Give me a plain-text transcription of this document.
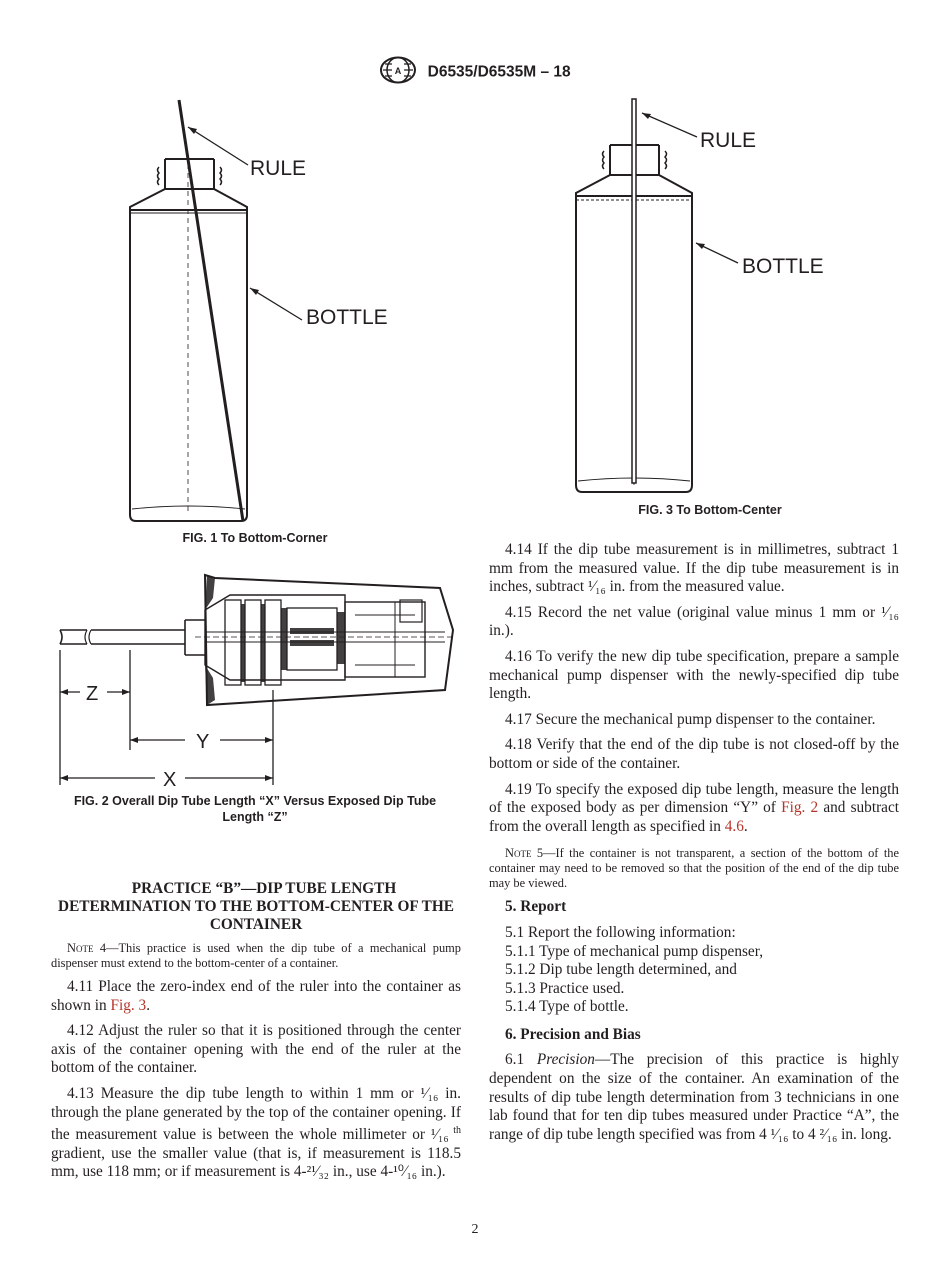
A D6535/D6535M – 18
RULE
BOTTLE
FIG. 1 To Bottom-Corner
RULE
BOTTLE
FIG. 3 To Bottom-Center
Z
Y
X
FIG. 2 Overall Dip Tube Length “X” Versus Exposed Dip Tube Length “Z”

PRACTICE “B”—DIP TUBE LENGTH DETERMINATION TO THE BOTTOM-CENTER OF THE CONTAINER

Note 4—This practice is used when the dip tube of a mechanical pump dispenser must extend to the bottom-center of a container.

4.11 Place the zero-index end of the ruler into the container as shown in Fig. 3.

4.12 Adjust the ruler so that it is positioned through the center axis of the container opening with the end of the ruler at the bottom of the container.

4.13 Measure the dip tube length to within 1 mm or ¹⁄₁₆ in. through the plane generated by the top of the container opening. If the measurement value is between the whole millimeter or ¹⁄₁₆ $^{th}$ gradient, use the smaller value (that is, if measurement is 118.5 mm, use 118 mm; or if measurement is 4-²¹⁄₃₂ in., use 4-¹⁰⁄₁₆ in.).

4.14 If the dip tube measurement is in millimetres, subtract 1 mm from the measured value. If the dip tube measurement is in inches, subtract ¹⁄₁₆ in. from the measured value.

4.15 Record the net value (original value minus 1 mm or ¹⁄₁₆ in.).

4.16 To verify the new dip tube specification, prepare a sample mechanical pump dispenser with the newly-specified dip tube length.

4.17 Secure the mechanical pump dispenser to the container.

4.18 Verify that the end of the dip tube is not closed-off by the bottom or side of the container.

4.19 To specify the exposed dip tube length, measure the length of the exposed body as per dimension “Y” of Fig. 2 and subtract from the overall length as specified in 4.6.

Note 5—If the container is not transparent, a section of the bottom of the container may need to be removed so that the position of the end of the dip tube may be viewed.

5. Report

5.1 Report the following information:

5.1.1 Type of mechanical pump dispenser,

5.1.2 Dip tube length determined, and

5.1.3 Practice used.

5.1.4 Type of bottle.

6. Precision and Bias

6.1 Precision—The precision of this practice is highly dependent on the size of the container. An examination of the results of dip tube length determination from 3 technicians in one lab found that for ten dip tubes measured under Practice “A”, the range of dip tube length specified was from 4 ¹⁄₁₆ to 4 ²⁄₁₆ in. long.

2
